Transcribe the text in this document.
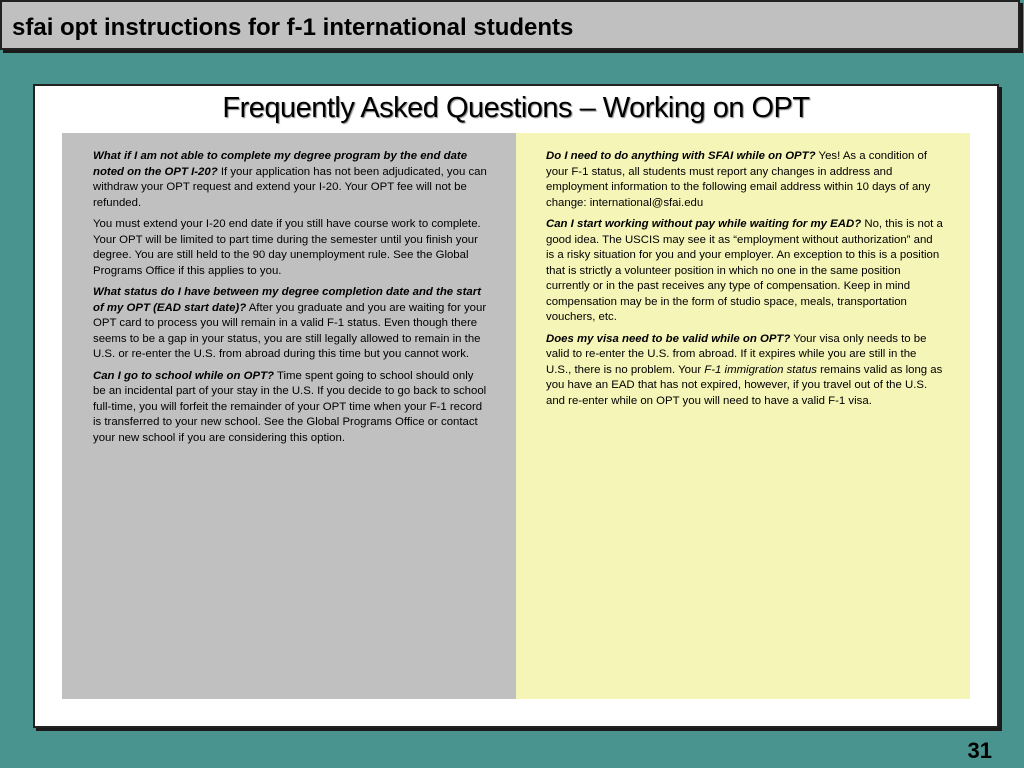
sfai opt instructions for f-1 international students
Frequently Asked Questions – Working on OPT

What if I am not able to complete my degree program by the end date noted on the OPT I-20? If your application has not been adjudicated, you can withdraw your OPT request and extend your I-20. Your OPT fee will not be refunded.

You must extend your I-20 end date if you still have course work to complete. Your OPT will be limited to part time during the semester until you finish your degree. You are still held to the 90 day unemployment rule. See the Global Programs Office if this applies to you.

What status do I have between my degree completion date and the start of my OPT (EAD start date)? After you graduate and you are waiting for your OPT card to process you will remain in a valid F-1 status. Even though there seems to be a gap in your status, you are still legally allowed to remain in the U.S. or re-enter the U.S. from abroad during this time but you cannot work.

Can I go to school while on OPT? Time spent going to school should only be an incidental part of your stay in the U.S. If you decide to go back to school full-time, you will forfeit the remainder of your OPT time when your F-1 record is transferred to your new school. See the Global Programs Office or contact your new school if you are considering this option.

Do I need to do anything with SFAI while on OPT? Yes! As a condition of your F-1 status, all students must report any changes in address and employment information to the following email address within 10 days of any change: international@sfai.edu

Can I start working without pay while waiting for my EAD? No, this is not a good idea. The USCIS may see it as “employment without authorization” and is a risky situation for you and your employer. An exception to this is a position that is strictly a volunteer position in which no one in the same position currently or in the past receives any type of compensation. Keep in mind compensation may be in the form of studio space, meals, transportation vouchers, etc.

Does my visa need to be valid while on OPT? Your visa only needs to be valid to re-enter the U.S. from abroad. If it expires while you are still in the U.S., there is no problem. Your F-1 immigration status remains valid as long as you have an EAD that has not expired, however, if you travel out of the U.S. and re-enter while on OPT you will need to have a valid F-1 visa.

31
